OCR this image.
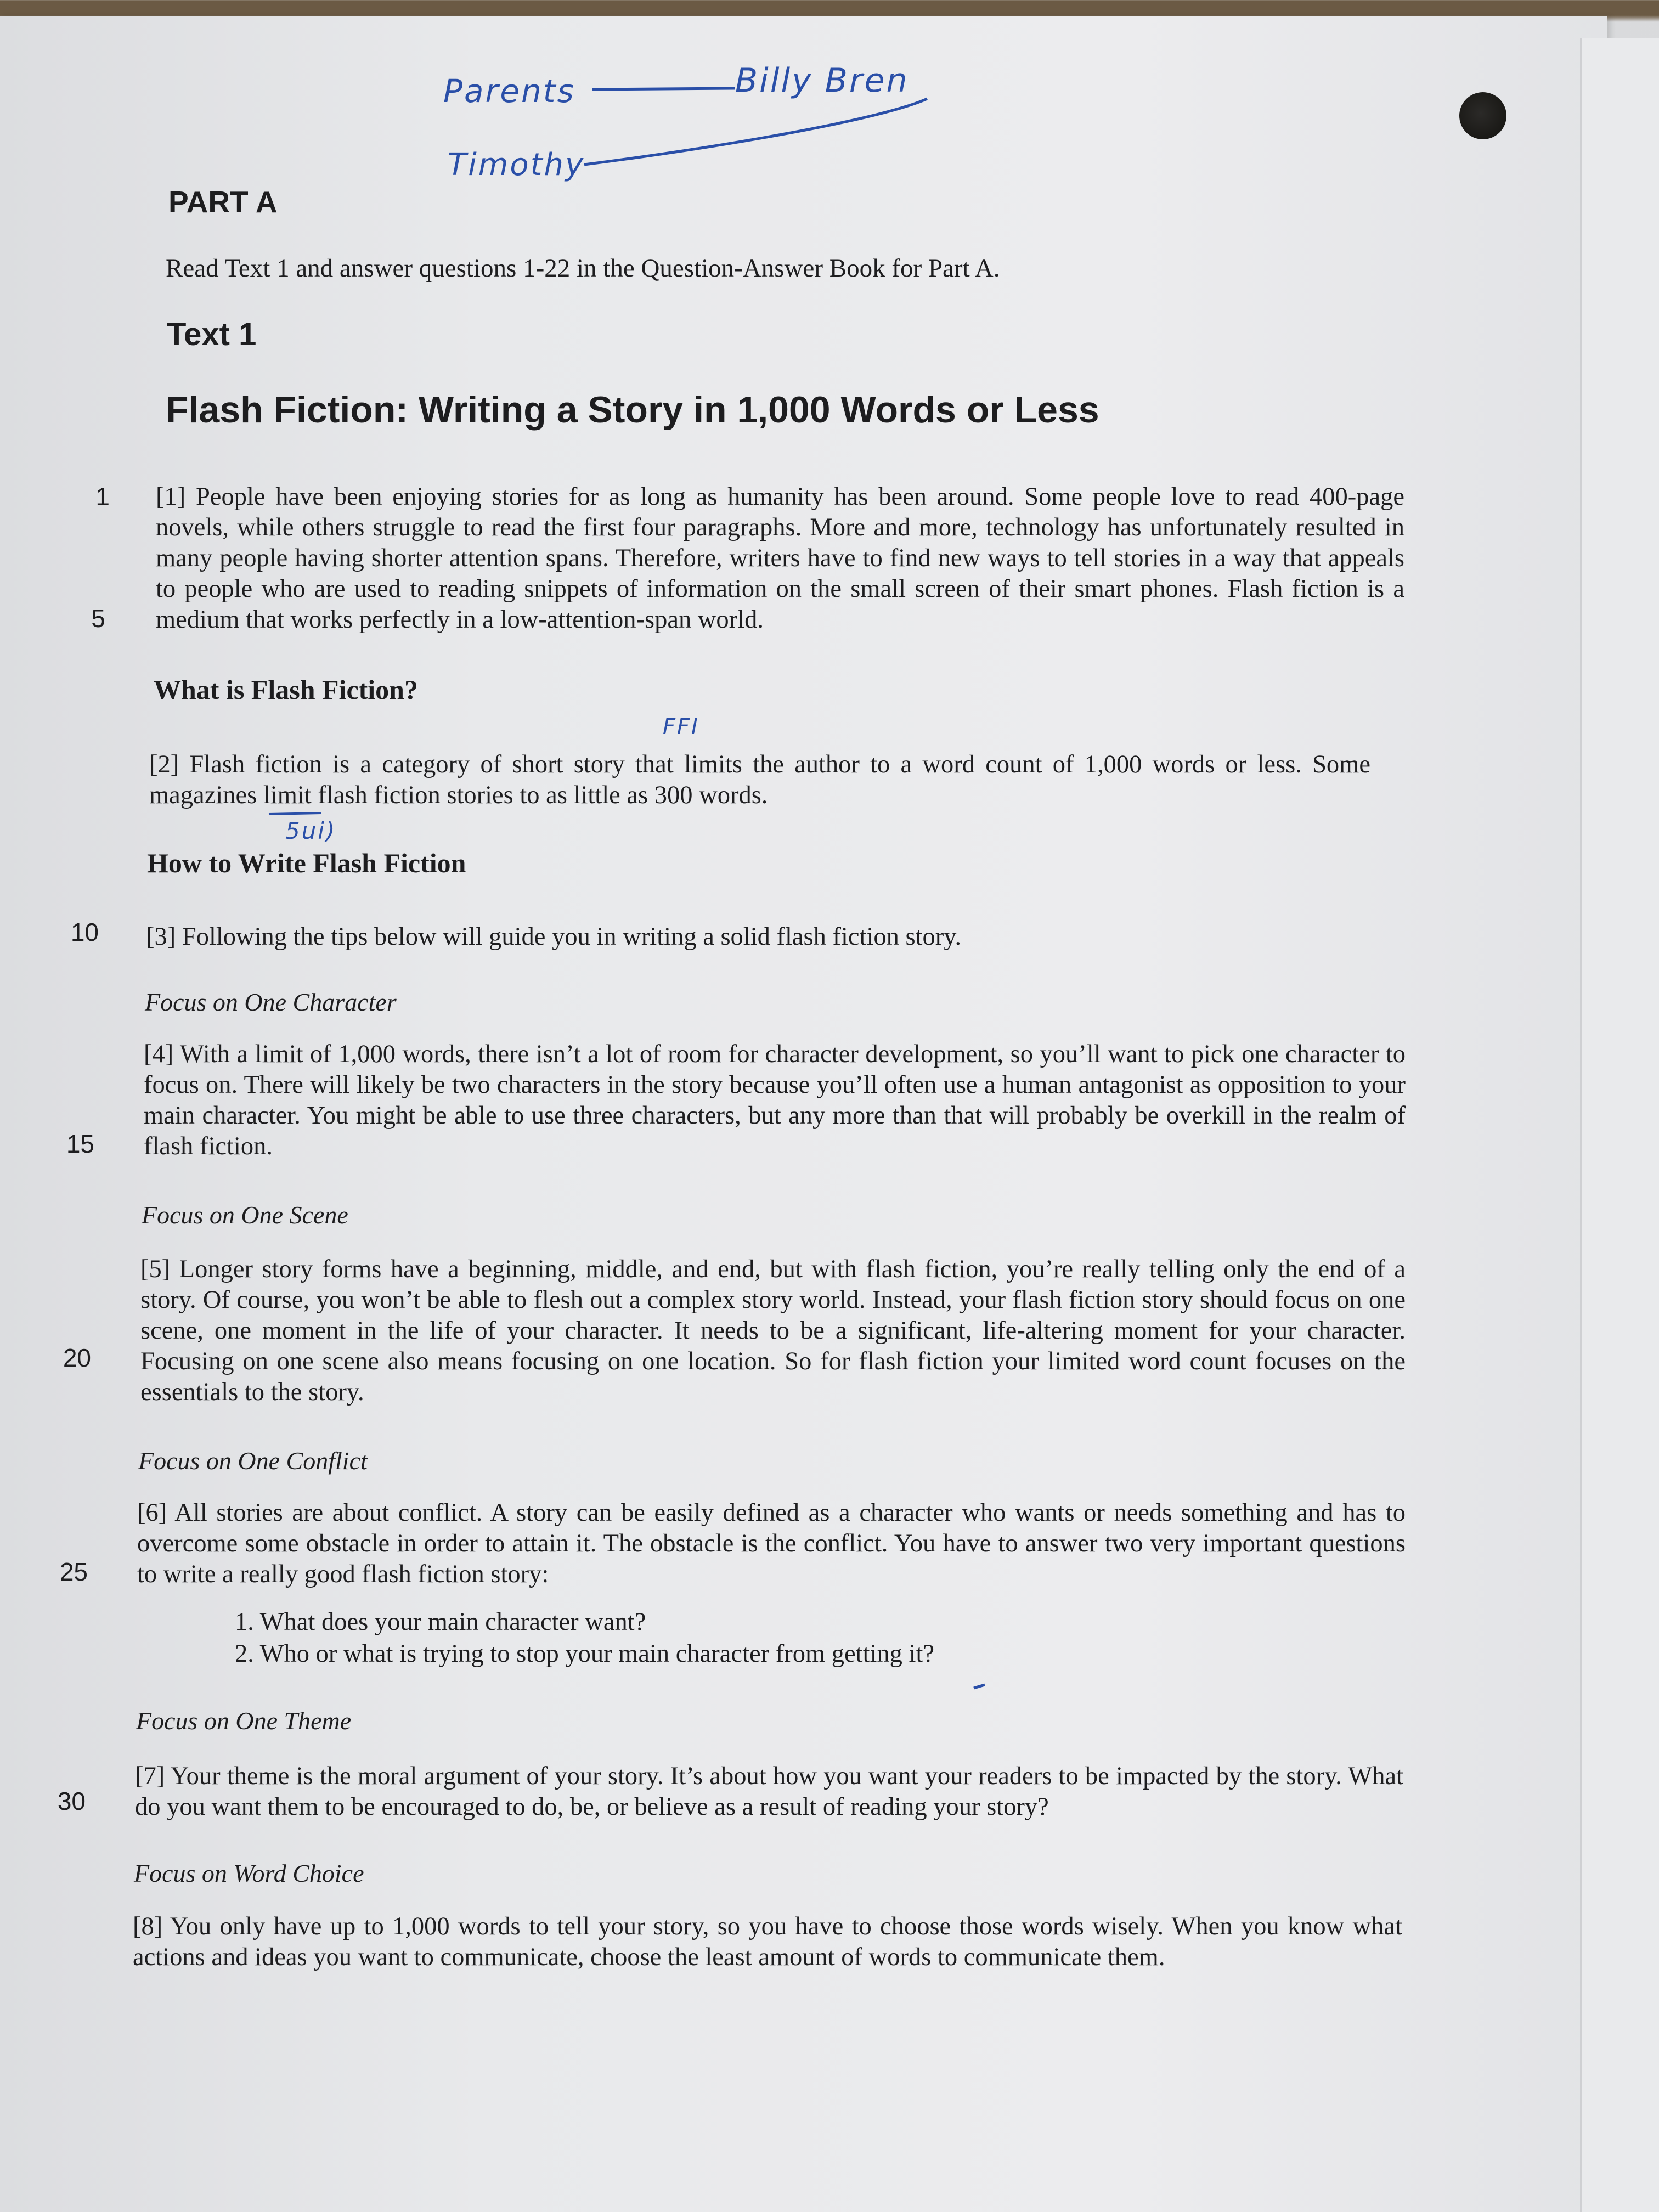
Parents	Billy Bren
Timothy
FFI
5ui)
PART A
Read Text 1 and answer questions 1-22 in the Question-Answer Book for Part A.
Text 1
Flash Fiction: Writing a Story in 1,000 Words or Less
1
5
10
15
20
25
30
[1] People have been enjoying stories for as long as humanity has been around. Some people love to read 400-page novels, while others struggle to read the first four paragraphs. More and more, technology has unfortunately resulted in many people having shorter attention spans. Therefore, writers have to find new ways to tell stories in a way that appeals to people who are used to reading snippets of information on the small screen of their smart phones. Flash fiction is a medium that works perfectly in a low-attention-span world.
What is Flash Fiction?
[2] Flash fiction is a category of short story that limits the author to a word count of 1,000 words or less. Some magazines limit flash fiction stories to as little as 300 words.
How to Write Flash Fiction
[3] Following the tips below will guide you in writing a solid flash fiction story.
Focus on One Character
[4] With a limit of 1,000 words, there isn’t a lot of room for character development, so you’ll want to pick one character to focus on. There will likely be two characters in the story because you’ll often use a human antagonist as opposition to your main character. You might be able to use three characters, but any more than that will probably be overkill in the realm of flash fiction.
Focus on One Scene
[5] Longer story forms have a beginning, middle, and end, but with flash fiction, you’re really telling only the end of a story. Of course, you won’t be able to flesh out a complex story world. Instead, your flash fiction story should focus on one scene, one moment in the life of your character. It needs to be a significant, life-altering moment for your character. Focusing on one scene also means focusing on one location. So for flash fiction your limited word count focuses on the essentials to the story.
Focus on One Conflict
[6] All stories are about conflict. A story can be easily defined as a character who wants or needs something and has to overcome some obstacle in order to attain it. The obstacle is the conflict. You have to answer two very important questions to write a really good flash fiction story:
1. What does your main character want?
2. Who or what is trying to stop your main character from getting it?
Focus on One Theme
[7] Your theme is the moral argument of your story. It’s about how you want your readers to be impacted by the story. What do you want them to be encouraged to do, be, or believe as a result of reading your story?
Focus on Word Choice
[8] You only have up to 1,000 words to tell your story, so you have to choose those words wisely. When you know what actions and ideas you want to communicate, choose the least amount of words to communicate them.
